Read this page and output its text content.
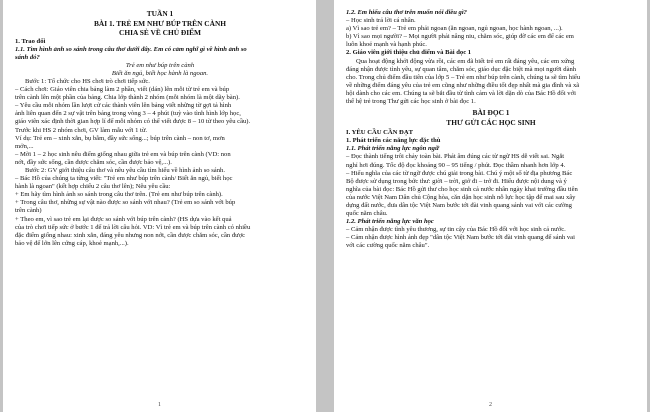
TUẦN 1

BÀI 1. TRẺ EM NHƯ BÚP TRÊN CÀNH

CHIA SẺ VỀ CHỦ ĐIỂM

1. Trao đổi

1.1. Tìm hình ảnh so sánh trong câu thơ dưới đây. Em có cảm nghĩ gì về hình ảnh so

sánh đó?

Trẻ em như búp trên cành

Biết ăn ngủ, biết học hành là ngoan.

Bước 1: Tổ chức cho HS chơi trò chơi tiếp sức.

– Cách chơi: Giáo viên chia bảng làm 2 phần, viết (dán) lên mỗi từ trẻ em và búp

trên cành lên một phần của bảng. Chia lớp thành 2 nhóm (mỗi nhóm là một dãy bàn).

– Yêu cầu mỗi nhóm lần lượt cử các thành viên lên bảng viết những từ gợi tả hình

ảnh liên quan đến 2 sự vật trên bảng trong vòng 3 – 4 phút (tuỳ vào tình hình lớp học,

giáo viên xác định thời gian hợp lí để mỗi nhóm có thể viết được 8 – 10 từ theo yêu cầu).

Trước khi HS 2 nhóm chơi, GV làm mẫu với 1 từ.

Ví dụ: Trẻ em – xinh xắn, bụ bẫm, đầy sức sống...; búp trên cành – non tơ, mơn

mởn,...

– Mời 1 – 2 học sinh nêu điểm giống nhau giữa trẻ em và búp trên cành (VD: non

nớt, đầy sức sống, cần được chăm sóc, cần được bảo vệ,...).

Bước 2: GV giới thiệu câu thơ và nêu yêu cầu tìm hiểu về hình ảnh so sánh.

– Bác Hồ của chúng ta từng viết: "Trẻ em như búp trên cành/ Biết ăn ngủ, biết học

hành là ngoan" (kết hợp chiếu 2 câu thơ lên); Nêu yêu cầu:

+ Em hãy tìm hình ảnh so sánh trong câu thơ trên. (Trẻ em như búp trên cành).

+ Trong câu thơ, những sự vật nào được so sánh với nhau? (Trẻ em so sánh với búp

trên cành)

+ Theo em, vì sao trẻ em lại được so sánh với búp trên cành? (HS dựa vào kết quả

của trò chơi tiếp sức ở bước 1 để trả lời câu hỏi. VD: Vì trẻ em và búp trên cành có nhiều

đặc điểm giống nhau: xinh xắn, đáng yêu nhưng non nớt, cần được chăm sóc, cần được

bảo vệ để lớn lên cứng cáp, khoẻ mạnh,...).

1

1.2. Em hiểu câu thơ trên muốn nói điều gì?

– Học sinh trả lời cá nhân.

a) Vì sao trẻ em? – Trẻ em phải ngoan (ăn ngoan, ngủ ngoan, học hành ngoan, ...).

b) Vì sao mọi người? – Mọi người phải nâng niu, chăm sóc, giúp đỡ các em để các em

luôn khoẻ mạnh và hạnh phúc.

2. Giáo viên giới thiệu chủ điểm và Bài đọc 1

Qua hoạt động khởi động vừa rồi, các em đã biết trẻ em rất đáng yêu, các em xứng

đáng nhận được tình yêu, sự quan tâm, chăm sóc, giáo dục đặc biệt mà mọi người dành

cho. Trong chủ điểm đầu tiên của lớp 5 – Trẻ em như búp trên cành, chúng ta sẽ tìm hiểu

về những điểm đáng yêu của trẻ em cũng như những điều tốt đẹp nhất mà gia đình và xã

hội dành cho các em. Chúng ta sẽ bắt đầu từ tình cảm và lời dặn dò của Bác Hồ đối với

thế hệ trẻ trong Thư gửi các học sinh ở bài đọc 1.

BÀI ĐỌC 1

THƯ GỬI CÁC HỌC SINH

I. YÊU CẦU CẦN ĐẠT

1. Phát triển các năng lực đặc thù

1.1. Phát triển năng lực ngôn ngữ

– Đọc thành tiếng trôi chảy toàn bài. Phát âm đúng các từ ngữ HS dễ viết sai. Ngắt

nghỉ hơi đúng. Tốc độ đọc khoảng 90 – 95 tiếng / phút. Đọc thầm nhanh hơn lớp 4.

– Hiểu nghĩa của các từ ngữ được chú giải trong bài. Chú ý một số từ địa phương Bác

Bộ được sử dụng trong bức thư: giời – trời, giở đi – trở đi. Hiểu được nội dung và ý

nghĩa của bài đọc: Bác Hồ gửi thư cho học sinh cả nước nhân ngày khai trường đầu tiên

của nước Việt Nam Dân chủ Cộng hòa, căn dặn học sinh nỗ lực học tập để mai sau xây

dựng đất nước, đưa dân tộc Việt Nam bước tới đài vinh quang sánh vai với các cường

quốc năm châu.

1.2. Phát triển năng lực văn học

– Cảm nhận được tình yêu thương, sự tin cậy của Bác Hồ đối với học sinh cả nước.

– Cảm nhận được hình ảnh đẹp "dân tộc Việt Nam bước tới đài vinh quang để sánh vai

với các cường quốc năm châu".

2
